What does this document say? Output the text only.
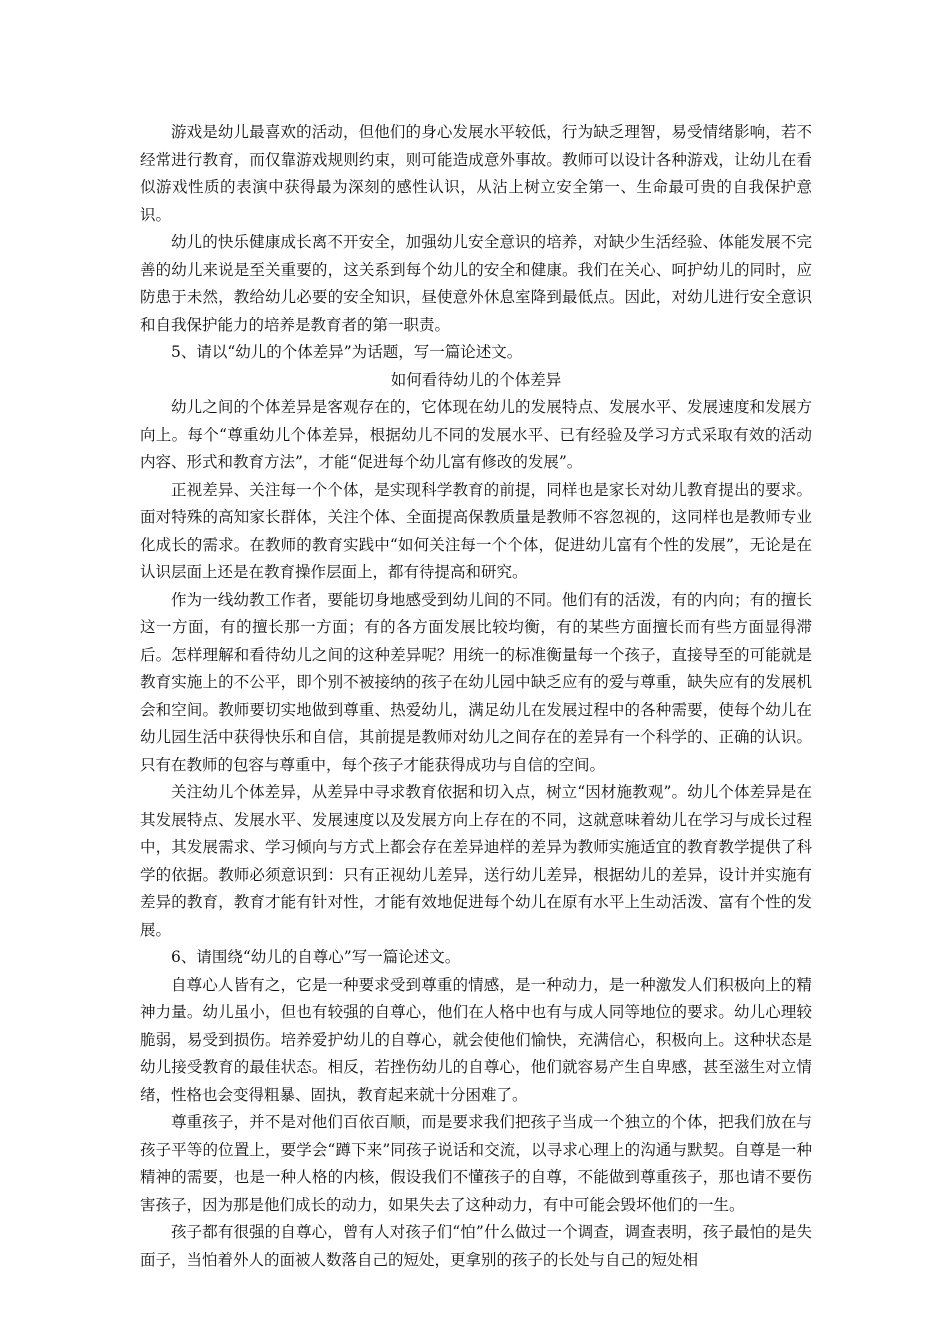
游戏是幼儿最喜欢的活动，但他们的身心发展水平较低，行为缺乏理智，易受情绪影响，若不经常进行教育，而仅靠游戏规则约束，则可能造成意外事故。教师可以设计各种游戏，让幼儿在看似游戏性质的表演中获得最为深刻的感性认识，从沾上树立安全第一、生命最可贵的自我保护意识。

幼儿的快乐健康成长离不开安全，加强幼儿安全意识的培养，对缺少生活经验、体能发展不完善的幼儿来说是至关重要的，这关系到每个幼儿的安全和健康。我们在关心、呵护幼儿的同时，应防患于未然，教给幼儿必要的安全知识，昼使意外休息室降到最低点。因此，对幼儿进行安全意识和自我保护能力的培养是教育者的第一职责。

5、请以“幼儿的个体差异”为话题，写一篇论述文。

如何看待幼儿的个体差异

幼儿之间的个体差异是客观存在的，它体现在幼儿的发展特点、发展水平、发展速度和发展方向上。每个“尊重幼儿个体差异，根据幼儿不同的发展水平、已有经验及学习方式采取有效的活动内容、形式和教育方法”，才能“促进每个幼儿富有修改的发展”。

正视差异、关注每一个个体，是实现科学教育的前提，同样也是家长对幼儿教育提出的要求。面对特殊的高知家长群体，关注个体、全面提高保教质量是教师不容忽视的，这同样也是教师专业化成长的需求。在教师的教育实践中“如何关注每一个个体，促进幼儿富有个性的发展”，无论是在认识层面上还是在教育操作层面上，都有待提高和研究。

作为一线幼教工作者，要能切身地感受到幼儿间的不同。他们有的活泼，有的内向；有的擅长这一方面，有的擅长那一方面；有的各方面发展比较均衡，有的某些方面擅长而有些方面显得滞后。怎样理解和看待幼儿之间的这种差异呢？用统一的标准衡量每一个孩子，直接导至的可能就是教育实施上的不公平，即个别不被接纳的孩子在幼儿园中缺乏应有的爱与尊重，缺失应有的发展机会和空间。教师要切实地做到尊重、热爱幼儿，满足幼儿在发展过程中的各种需要，使每个幼儿在幼儿园生活中获得快乐和自信，其前提是教师对幼儿之间存在的差异有一个科学的、正确的认识。只有在教师的包容与尊重中，每个孩子才能获得成功与自信的空间。

关注幼儿个体差异，从差异中寻求教育依据和切入点，树立“因材施教观”。幼儿个体差异是在其发展特点、发展水平、发展速度以及发展方向上存在的不同，这就意味着幼儿在学习与成长过程中，其发展需求、学习倾向与方式上都会存在差异迪样的差异为教师实施适宜的教育教学提供了科学的依据。教师必须意识到：只有正视幼儿差异，送行幼儿差异，根据幼儿的差异，设计并实施有差异的教育，教育才能有针对性，才能有效地促进每个幼儿在原有水平上生动活泼、富有个性的发展。

6、请围绕“幼儿的自尊心”写一篇论述文。

自尊心人皆有之，它是一种要求受到尊重的情感，是一种动力，是一种激发人们积极向上的精神力量。幼儿虽小，但也有较强的自尊心，他们在人格中也有与成人同等地位的要求。幼儿心理较脆弱，易受到损伤。培养爱护幼儿的自尊心，就会使他们愉快，充满信心，积极向上。这种状态是幼儿接受教育的最佳状态。相反，若挫伤幼儿的自尊心，他们就容易产生自卑感，甚至滋生对立情绪，性格也会变得粗暴、固执，教育起来就十分困难了。

尊重孩子，并不是对他们百依百顺，而是要求我们把孩子当成一个独立的个体，把我们放在与孩子平等的位置上，要学会“蹲下来”同孩子说话和交流，以寻求心理上的沟通与默契。自尊是一种精神的需要，也是一种人格的内核，假设我们不懂孩子的自尊，不能做到尊重孩子，那也请不要伤害孩子，因为那是他们成长的动力，如果失去了这种动力，有中可能会毁坏他们的一生。

孩子都有很强的自尊心，曾有人对孩子们“怕”什么做过一个调查，调查表明，孩子最怕的是失面子，当怕着外人的面被人数落自己的短处，更拿别的孩子的长处与自己的短处相
